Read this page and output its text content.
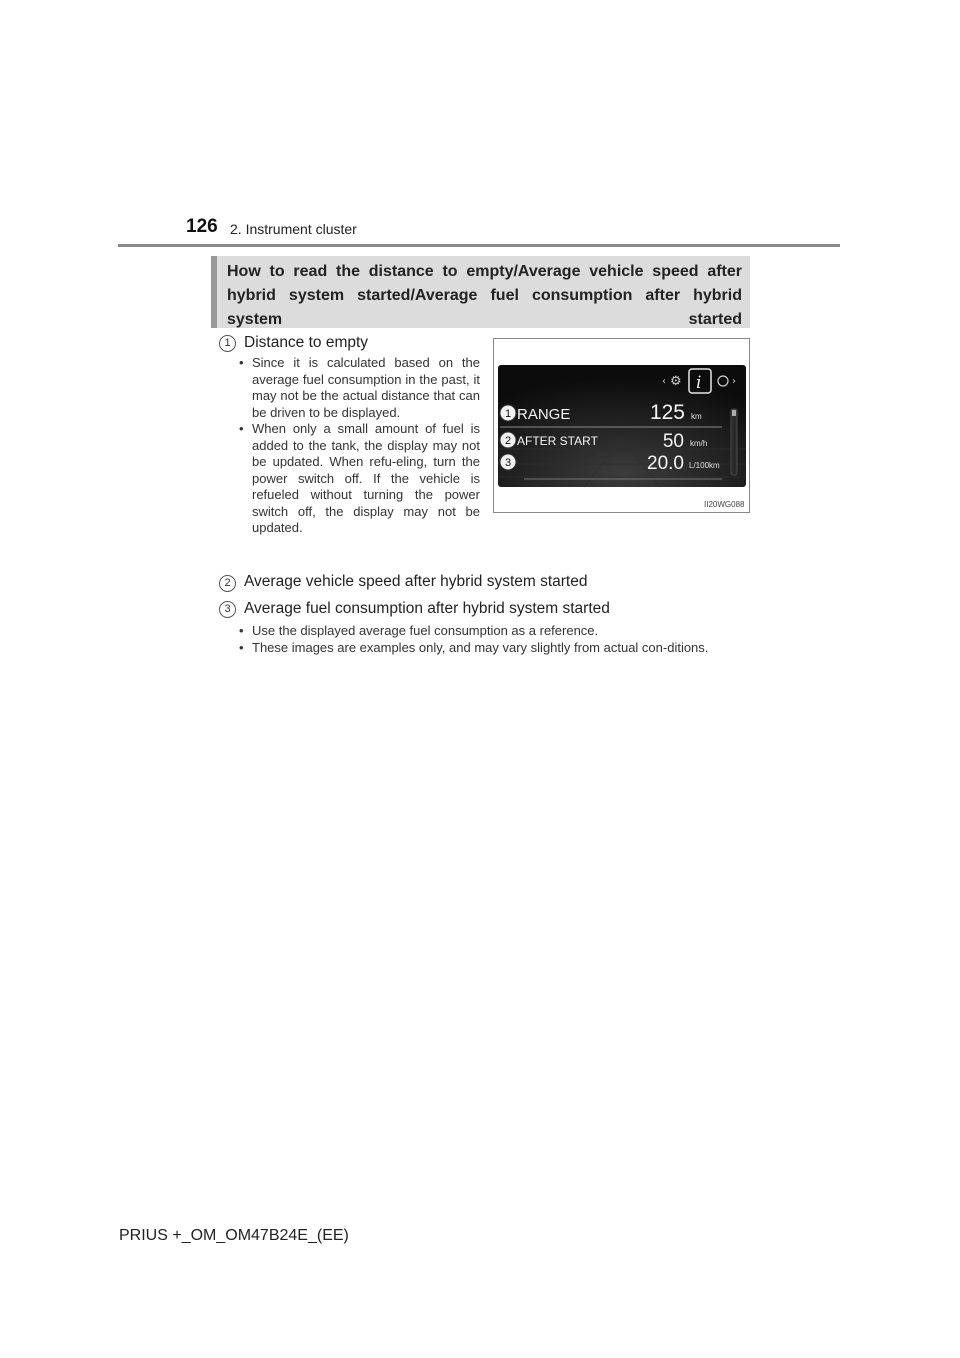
126 2. Instrument cluster
How to read the distance to empty/Average vehicle speed after hybrid system started/Average fuel consumption after hybrid system started
1 Distance to empty
• Since it is calculated based on the average fuel consumption in the past, it may not be the actual distance that can be driven to be displayed.
• When only a small amount of fuel is added to the tank, the display may not be updated. When refu-eling, turn the power switch off. If the vehicle is refueled without turning the power switch off, the display may not be updated.
‹ ⚙ i	›
1 RANGE	125 km
2 AFTER START	50 km/h
3	20.0 L/100km
II20WG088
2 Average vehicle speed after hybrid system started
3 Average fuel consumption after hybrid system started
• Use the displayed average fuel consumption as a reference.
• These images are examples only, and may vary slightly from actual con-ditions.
PRIUS +_OM_OM47B24E_(EE)
